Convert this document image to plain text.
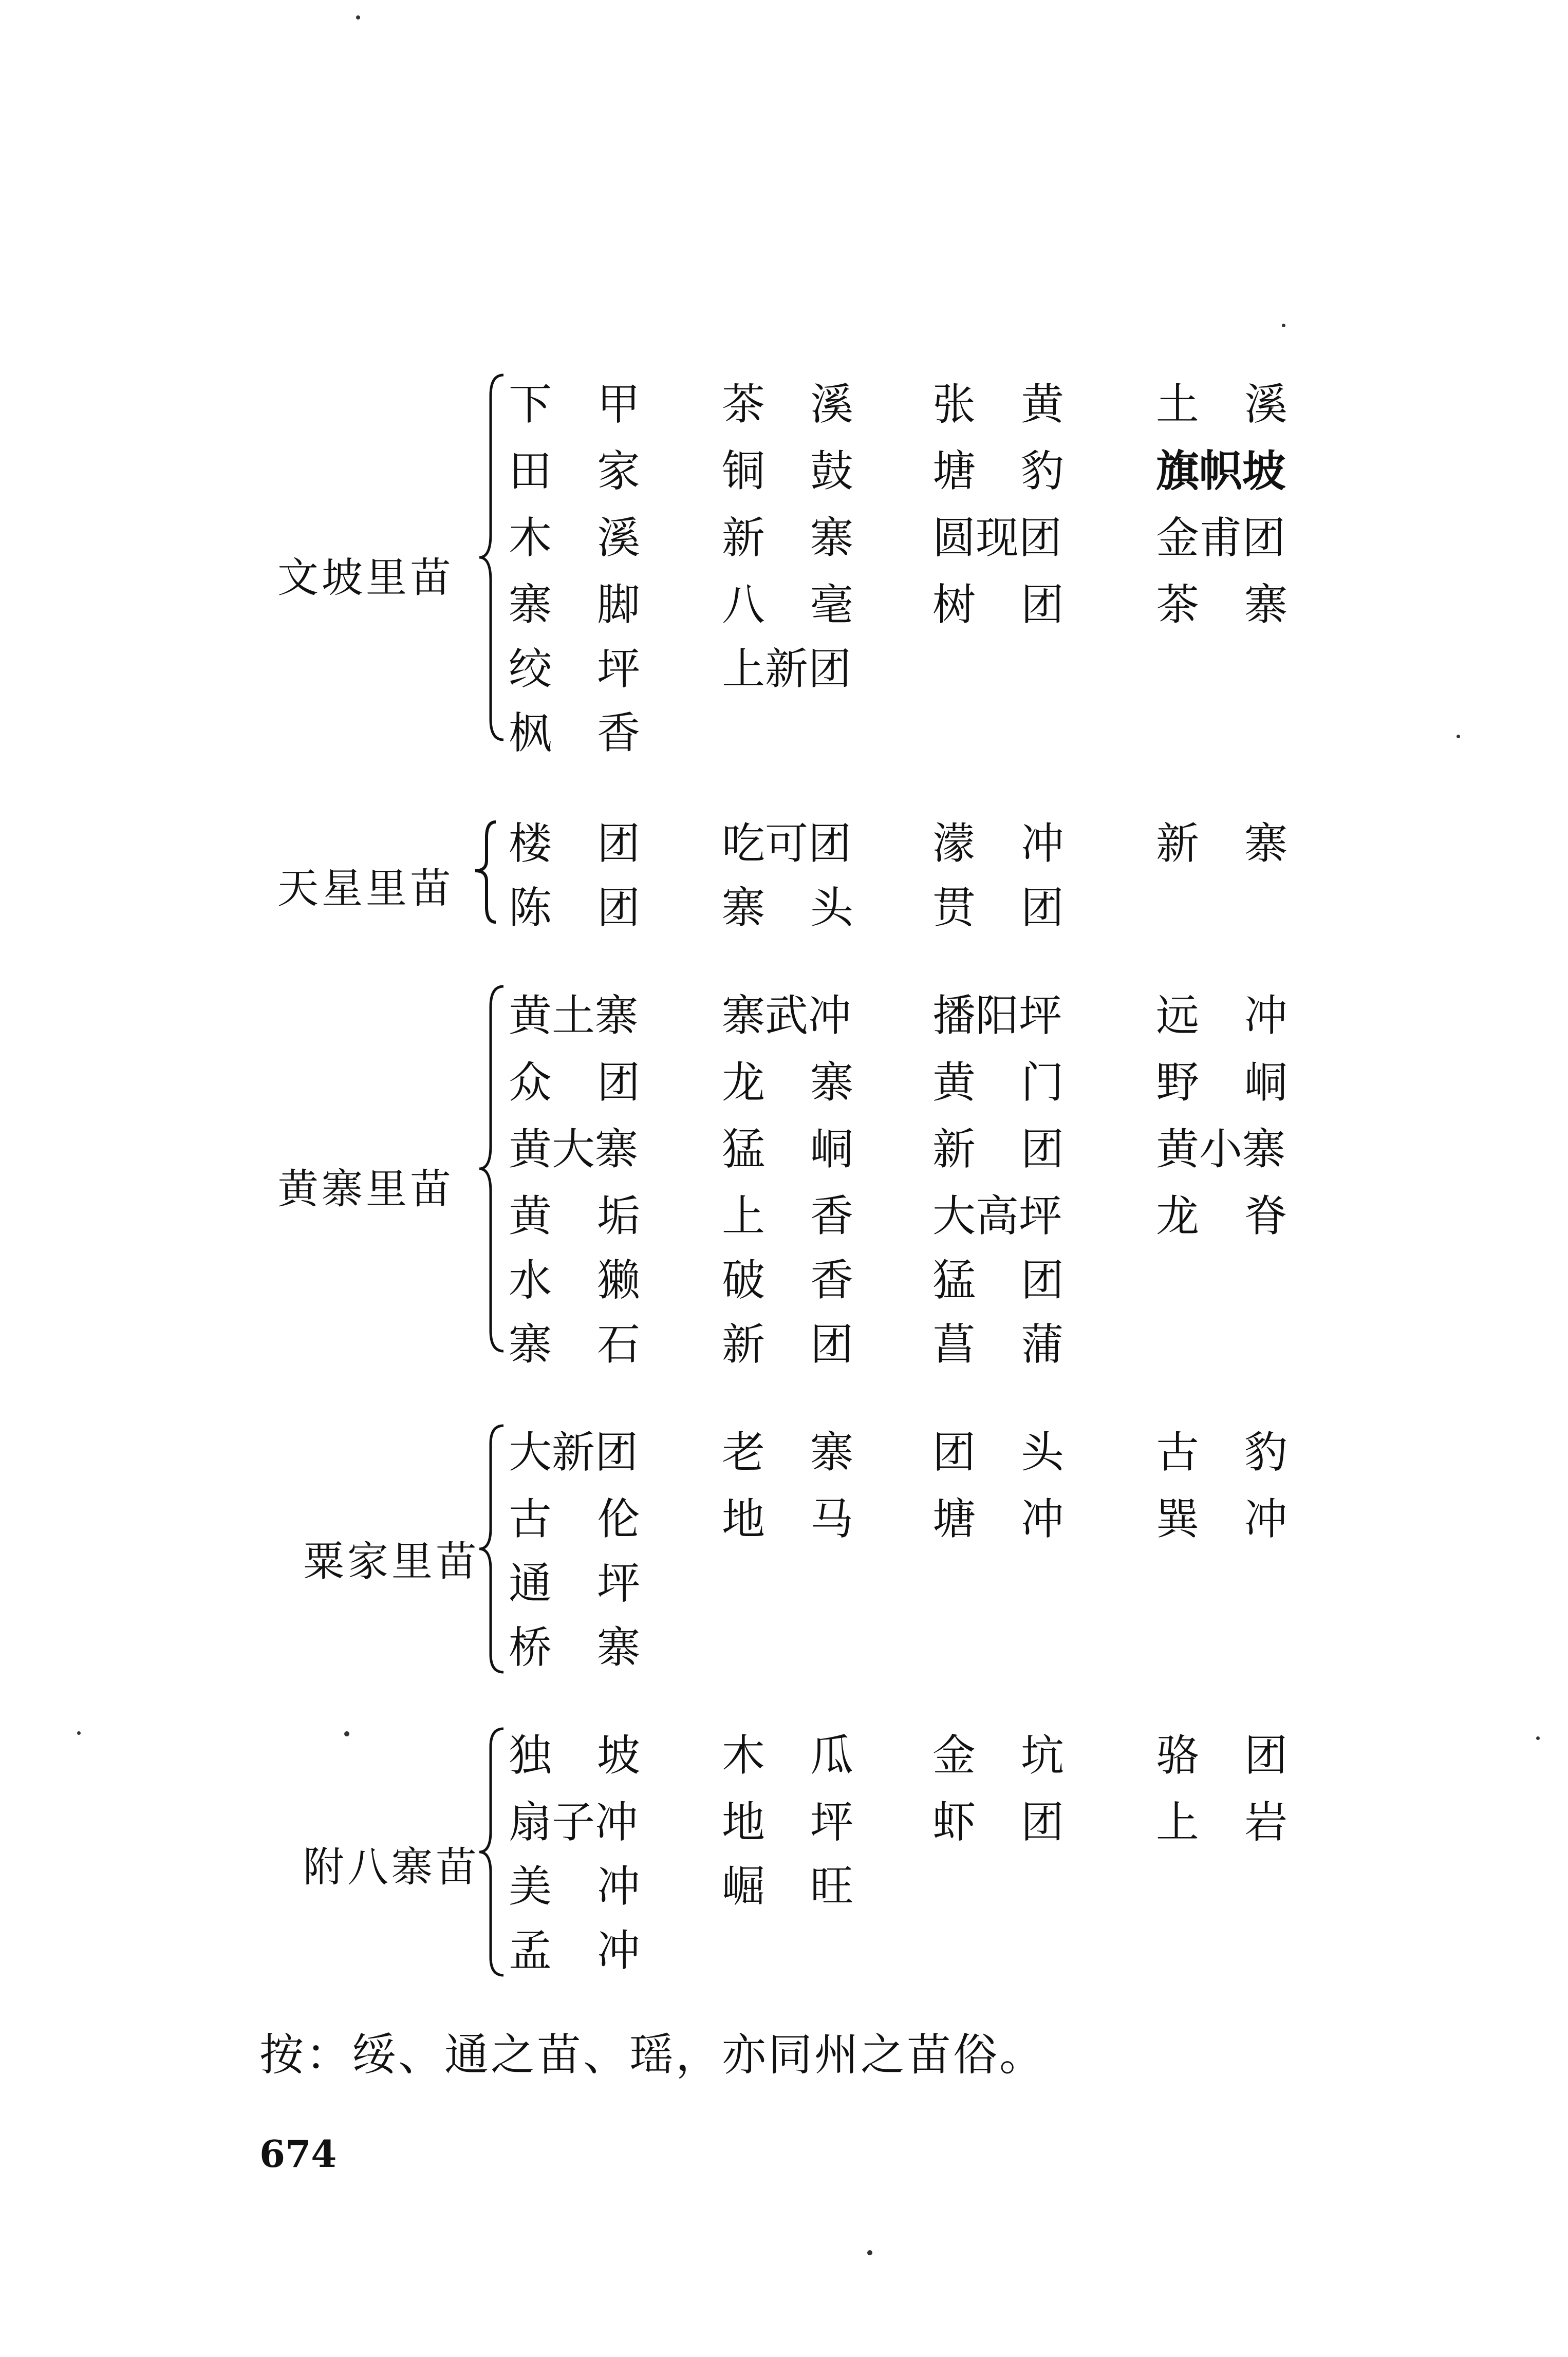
文坡里苗
下甲 茶溪 张黄 土溪
田家 铜鼓 塘豹 旗帜坡
木溪 新寨 圆现团 金甫团
寨脚 八毫 树团 茶寨
绞坪 上新团
枫香
天星里苗
楼团 吃可团 濛冲 新寨
陈团 寨头 贯团
黄寨里苗
黄土寨 寨武冲 播阳坪 远冲
众团 龙寨 黄门 野峒
黄大寨 猛峒 新团 黄小寨
黄垢 上香 大高坪 龙脊
水獭 破香 猛团
寨石 新团 菖蒲
粟家里苗
大新团 老寨 团头 古豹
古伦 地马 塘冲 巽冲
通坪
桥寨
附八寨苗
独坡 木瓜 金坑 骆团
扇子冲 地坪 虾团 上岩
美冲 崛旺
孟冲
按：绥、通之苗、瑶，亦同州之苗俗。
674
